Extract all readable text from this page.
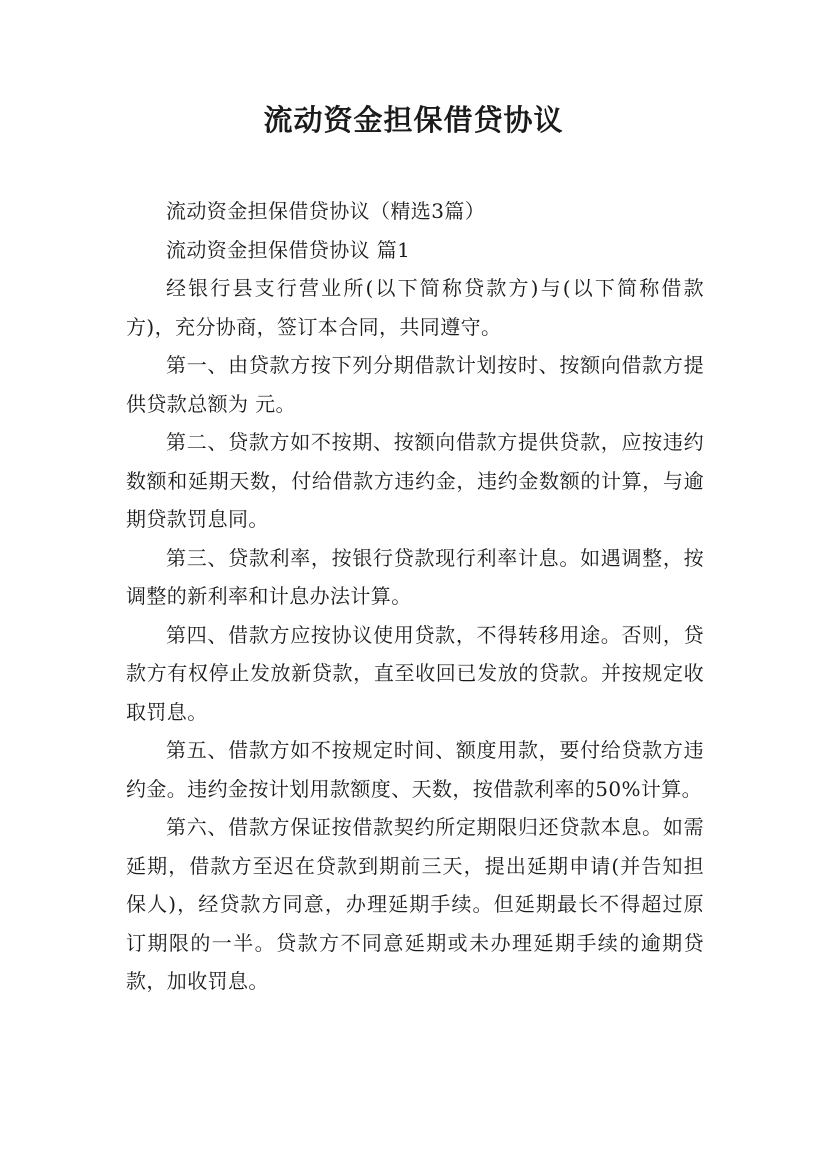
流动资金担保借贷协议

流动资金担保借贷协议（精选3篇）

流动资金担保借贷协议 篇1

经银行县支行营业所(以下简称贷款方)与(以下简称借款方)，充分协商，签订本合同，共同遵守。

第一、由贷款方按下列分期借款计划按时、按额向借款方提供贷款总额为 元。

第二、贷款方如不按期、按额向借款方提供贷款，应按违约数额和延期天数，付给借款方违约金，违约金数额的计算，与逾期贷款罚息同。

第三、贷款利率，按银行贷款现行利率计息。如遇调整，按调整的新利率和计息办法计算。

第四、借款方应按协议使用贷款，不得转移用途。否则，贷款方有权停止发放新贷款，直至收回已发放的贷款。并按规定收取罚息。

第五、借款方如不按规定时间、额度用款，要付给贷款方违约金。违约金按计划用款额度、天数，按借款利率的50%计算。

第六、借款方保证按借款契约所定期限归还贷款本息。如需延期，借款方至迟在贷款到期前三天，提出延期申请(并告知担保人)，经贷款方同意，办理延期手续。但延期最长不得超过原订期限的一半。贷款方不同意延期或未办理延期手续的逾期贷款，加收罚息。
